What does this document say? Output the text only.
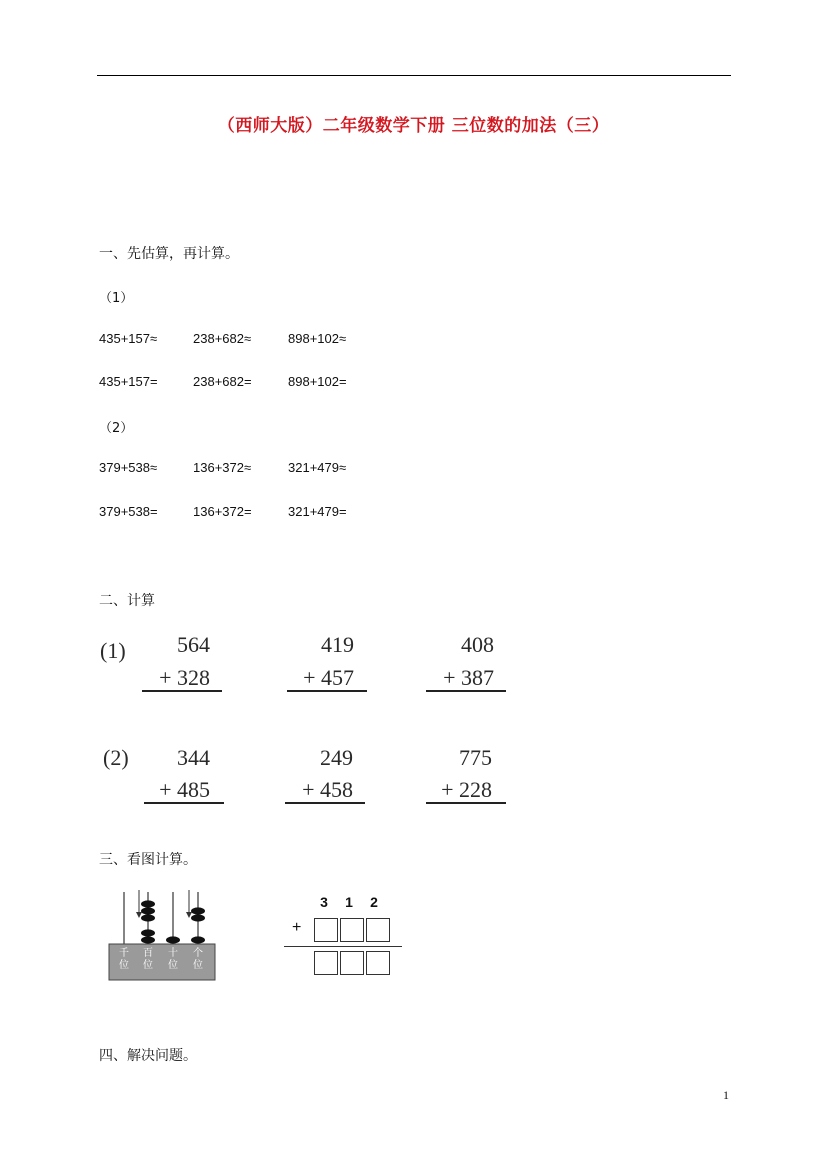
（西师大版）二年级数学下册 三位数的加法（三）
一、先估算，再计算。
（1）
435+157≈	238+682≈	898+102≈
435+157=	238+682=	898+102=
（2）
379+538≈	136+372≈	321+479≈
379+538=	136+372=	321+479=
二、计算
(1)	564
+ 328
419
+ 457
408
+ 387
(2)	344
+ 485
249
+ 458
775
+ 228
三、看图计算。
千位
百位
十位
个位
3 1 2
+
四、解决问题。
1
